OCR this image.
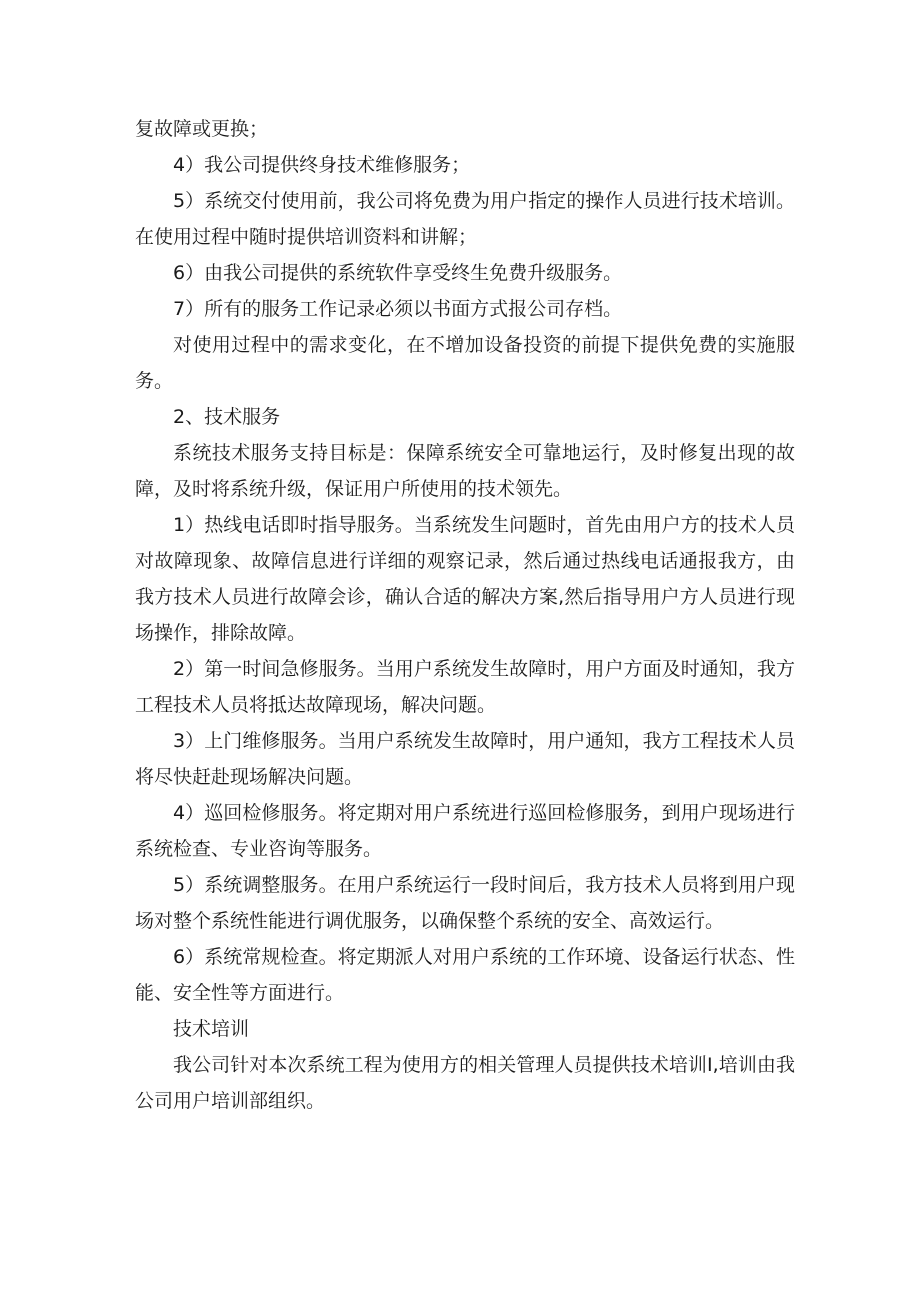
复故障或更换；

4）我公司提供终身技术维修服务；

5）系统交付使用前，我公司将免费为用户指定的操作人员进行技术培训。在使用过程中随时提供培训资料和讲解；

6）由我公司提供的系统软件享受终生免费升级服务。

7）所有的服务工作记录必须以书面方式报公司存档。

对使用过程中的需求变化，在不增加设备投资的前提下提供免费的实施服务。

2、技术服务

系统技术服务支持目标是：保障系统安全可靠地运行，及时修复出现的故障，及时将系统升级，保证用户所使用的技术领先。

1）热线电话即时指导服务。当系统发生问题时，首先由用户方的技术人员对故障现象、故障信息进行详细的观察记录，然后通过热线电话通报我方，由我方技术人员进行故障会诊，确认合适的解决方案,然后指导用户方人员进行现场操作，排除故障。

2）第一时间急修服务。当用户系统发生故障时，用户方面及时通知，我方工程技术人员将抵达故障现场，解决问题。

3）上门维修服务。当用户系统发生故障时，用户通知，我方工程技术人员将尽快赶赴现场解决问题。

4）巡回检修服务。将定期对用户系统进行巡回检修服务，到用户现场进行系统检查、专业咨询等服务。

5）系统调整服务。在用户系统运行一段时间后，我方技术人员将到用户现场对整个系统性能进行调优服务，以确保整个系统的安全、高效运行。

6）系统常规检查。将定期派人对用户系统的工作环境、设备运行状态、性能、安全性等方面进行。

技术培训

我公司针对本次系统工程为使用方的相关管理人员提供技术培训Ⅰ,培训由我公司用户培训部组织。
